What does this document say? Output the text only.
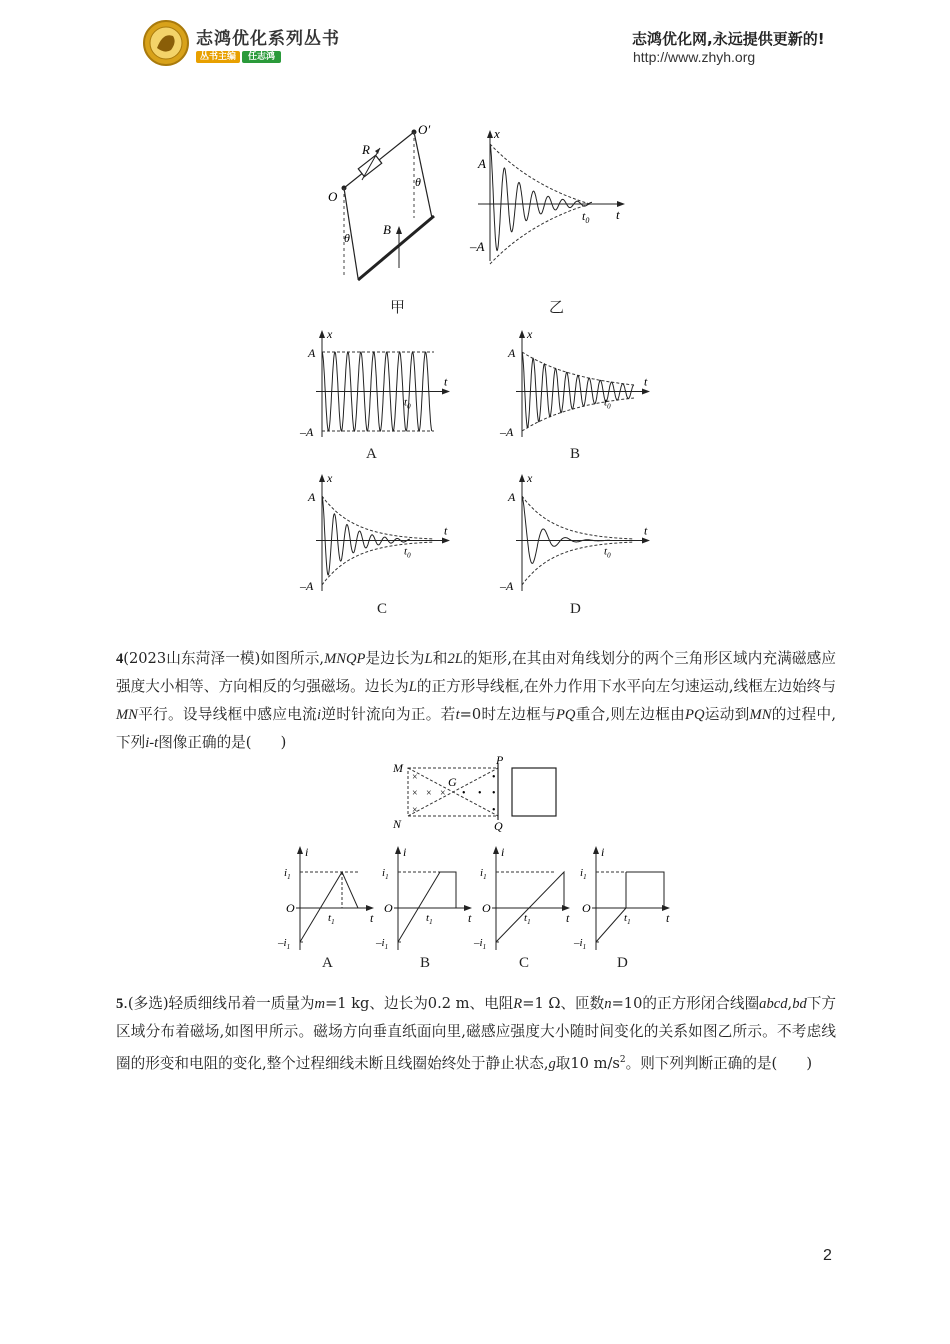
志鸿优化系列丛书
丛书主编 任志鸿
志鸿优化网,永远提供更新的!
http://www.zhyh.org
O
O′
R
B
θ
θ
甲
x
A
–A
$t_0$ t
乙
A
–A
x
t
$t_0$
A
A
–A
x
t
$t_0$
B
A
–A
x
t
$t_0$
C
A
–A
x
t
$t_0$
D
4(2023山东菏泽一模)如图所示,MNQP是边长为L和2L的矩形,在其由对角线划分的两个三角形区域内充满磁感应强度大小相等、方向相反的匀强磁场。边长为L的正方形导线框,在外力作用下水平向左匀速运动,线框左边始终与MN平行。设导线框中感应电流i逆时针流向为正。若t=0时左边框与PQ重合,则左边框由PQ运动到MN的过程中,下列i-t图像正确的是(　　)
×
×
×
× × • •
•
•
•
M
N
P
Q
G
i
O
t
$i_1$
$-i_1$
$t_1$
A
i
O
t
$i_1$
$-i_1$
$t_1$
B
i
O
t
$i_1$
$-i_1$
$t_1$
C
i
O
t
$i_1$
$-i_1$
$t_1$
D
5.(多选)轻质细线吊着一质量为m=1 kg、边长为0.2 m、电阻R=1 Ω、匝数n=10的正方形闭合线圈abcd,bd下方区域分布着磁场,如图甲所示。磁场方向垂直纸面向里,磁感应强度大小随时间变化的关系如图乙所示。不考虑线圈的形变和电阻的变化,整个过程细线未断且线圈始终处于静止状态,g取10 $m/s^2$。则下列判断正确的是(　　)
2
